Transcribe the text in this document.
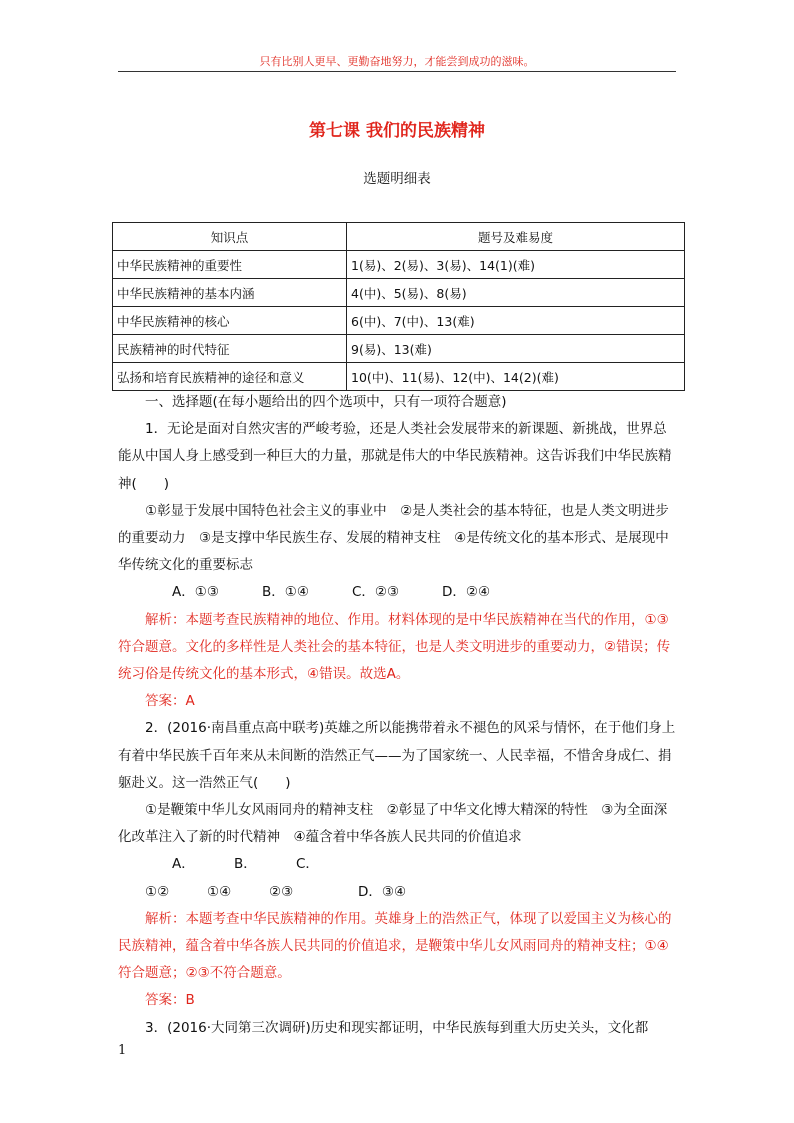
只有比别人更早、更勤奋地努力，才能尝到成功的滋味。
第七课 我们的民族精神
选题明细表
知识点	题号及难易度
中华民族精神的重要性	1(易)、2(易)、3(易)、14(1)(难)
中华民族精神的基本内涵	4(中)、5(易)、8(易)
中华民族精神的核心	6(中)、7(中)、13(难)
民族精神的时代特征	9(易)、13(难)
弘扬和培育民族精神的途径和意义	10(中)、11(易)、12(中)、14(2)(难)

一、选择题(在每小题给出的四个选项中，只有一项符合题意)

1．无论是面对自然灾害的严峻考验，还是人类社会发展带来的新课题、新挑战，世界总能从中国人身上感受到一种巨大的力量，那就是伟大的中华民族精神。这告诉我们中华民族精神(　　)

①彰显于发展中国特色社会主义的事业中　②是人类社会的基本特征，也是人类文明进步的重要动力　③是支撑中华民族生存、发展的精神支柱　④是传统文化的基本形式、是展现中华传统文化的重要标志

A．①③	B．①④	C．②③	D．②④

解析：本题考查民族精神的地位、作用。材料体现的是中华民族精神在当代的作用，①③符合题意。文化的多样性是人类社会的基本特征，也是人类文明进步的重要动力，②错误；传统习俗是传统文化的基本形式，④错误。故选A。

答案：A

2．(2016·南昌重点高中联考)英雄之所以能携带着永不褪色的风采与情怀，在于他们身上有着中华民族千百年来从未间断的浩然正气——为了国家统一、人民幸福，不惜舍身成仁、捐躯赴义。这一浩然正气(　　)

①是鞭策中华儿女风雨同舟的精神支柱　②彰显了中华文化博大精深的特性　③为全面深化改革注入了新的时代精神　④蕴含着中华各族人民共同的价值追求

A．①②B．①④C．②③	D．③④

解析：本题考查中华民族精神的作用。英雄身上的浩然正气，体现了以爱国主义为核心的民族精神，蕴含着中华各族人民共同的价值追求，是鞭策中华儿女风雨同舟的精神支柱；①④符合题意；②③不符合题意。

答案：B

3．(2016·大同第三次调研)历史和现实都证明，中华民族每到重大历史关头，文化都

1
